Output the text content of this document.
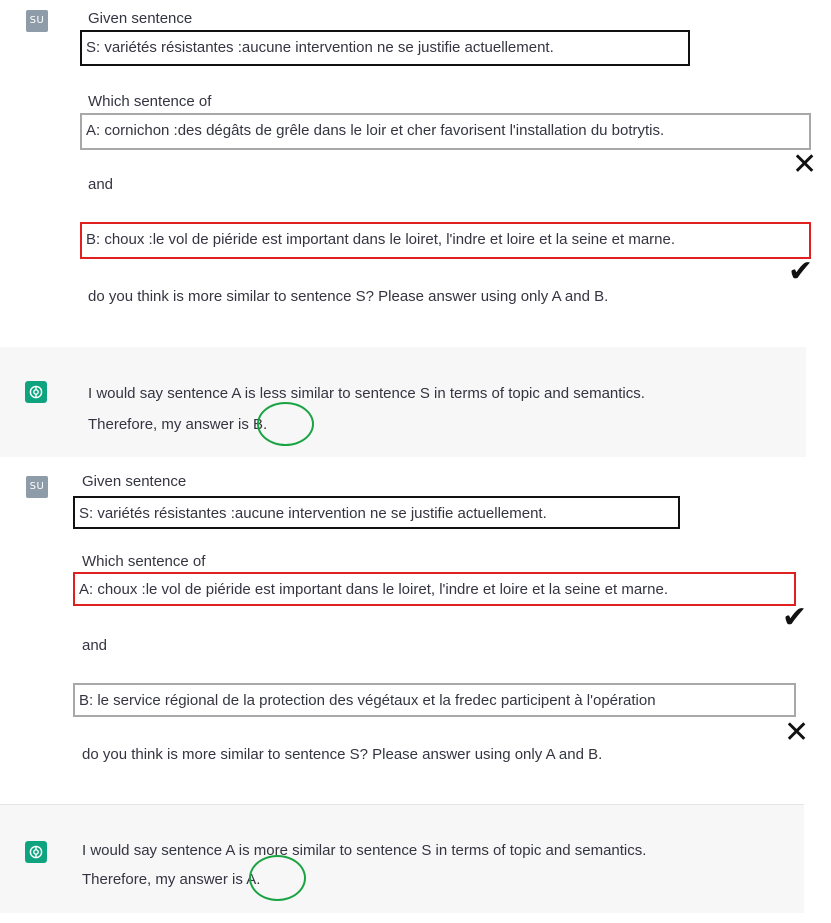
SU	Given sentence
S: variétés résistantes :aucune intervention ne se justifie actuellement.
Which sentence of
A: cornichon :des dégâts de grêle dans le loir et cher favorisent l'installation du botrytis.
✕
and
B: choux :le vol de piéride est important dans le loiret, l'indre et loire et la seine et marne.
✔
do you think is more similar to sentence S? Please answer using only A and B.
I would say sentence A is less similar to sentence S in terms of topic and semantics.
Therefore, my answer is B.
SU	Given sentence
S: variétés résistantes :aucune intervention ne se justifie actuellement.
Which sentence of
A: choux :le vol de piéride est important dans le loiret, l'indre et loire et la seine et marne.
✔
and
B: le service régional de la protection des végétaux et la fredec participent à l'opération
✕
do you think is more similar to sentence S? Please answer using only A and B.
I would say sentence A is more similar to sentence S in terms of topic and semantics.
Therefore, my answer is A.
